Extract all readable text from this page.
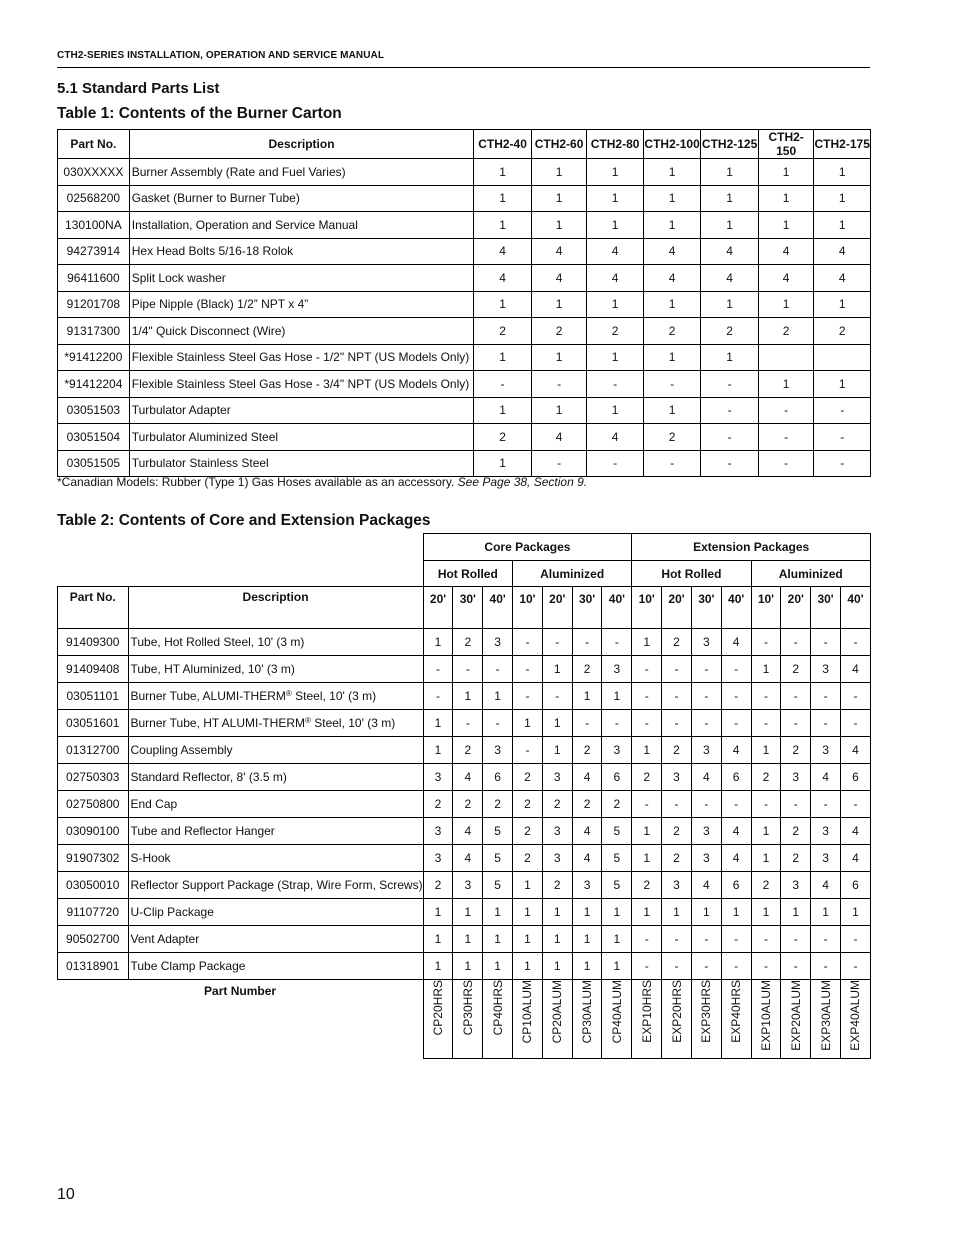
CTH2-SERIES INSTALLATION, OPERATION AND SERVICE MANUAL
5.1 Standard Parts List
Table 1: Contents of the Burner Carton
Part No.	Description	CTH2-40	CTH2-60	CTH2-80	CTH2-100	CTH2-125	CTH2-150	CTH2-175
030XXXXX	Burner Assembly (Rate and Fuel Varies)	1	1	1	1	1	1	1
02568200	Gasket (Burner to Burner Tube)	1	1	1	1	1	1	1
130100NA	Installation, Operation and Service Manual	1	1	1	1	1	1	1
94273914	Hex Head Bolts 5/16-18 Rolok	4	4	4	4	4	4	4
96411600	Split Lock washer	4	4	4	4	4	4	4
91201708	Pipe Nipple (Black) 1/2” NPT x 4”	1	1	1	1	1	1	1
91317300	1/4" Quick Disconnect (Wire)	2	2	2	2	2	2	2
*91412200	Flexible Stainless Steel Gas Hose - 1/2" NPT (US Models Only)	1	1	1	1	1		
*91412204	Flexible Stainless Steel Gas Hose - 3/4" NPT (US Models Only)	-	-	-	-	-	1	1
03051503	Turbulator Adapter	1	1	1	1	-	-	-
03051504	Turbulator Aluminized Steel	2	4	4	2	-	-	-
03051505	Turbulator Stainless Steel	1	-	-	-	-	-	-
*Canadian Models: Rubber (Type 1) Gas Hoses available as an accessory. See Page 38, Section 9.
Table 2: Contents of Core and Extension Packages
		Core Packages							Extension Packages							
		Hot Rolled			Aluminized				Hot Rolled				Aluminized			
Part No.	Description	20'	30'	40'	10'	20'	30'	40'	10'	20'	30'	40'	10'	20'	30'	40'
91409300	Tube, Hot Rolled Steel, 10' (3 m)	1	2	3	-	-	-	-	1	2	3	4	-	-	-	-
91409408	Tube, HT Aluminized, 10' (3 m)	-	-	-	-	1	2	3	-	-	-	-	1	2	3	4
03051101	Burner Tube, ALUMI-THERM® Steel, 10' (3 m)	-	1	1	-	-	1	1	-	-	-	-	-	-	-	-
03051601	Burner Tube, HT ALUMI-THERM® Steel, 10' (3 m)	1	-	-	1	1	-	-	-	-	-	-	-	-	-	-
01312700	Coupling Assembly	1	2	3	-	1	2	3	1	2	3	4	1	2	3	4
02750303	Standard Reflector, 8' (3.5 m)	3	4	6	2	3	4	6	2	3	4	6	2	3	4	6
02750800	End Cap	2	2	2	2	2	2	2	-	-	-	-	-	-	-	-
03090100	Tube and Reflector Hanger	3	4	5	2	3	4	5	1	2	3	4	1	2	3	4
91907302	S-Hook	3	4	5	2	3	4	5	1	2	3	4	1	2	3	4
03050010	Reflector Support Package (Strap, Wire Form, Screws)	2	3	5	1	2	3	5	2	3	4	6	2	3	4	6
91107720	U-Clip Package	1	1	1	1	1	1	1	1	1	1	1	1	1	1	1
90502700	Vent Adapter	1	1	1	1	1	1	1	-	-	-	-	-	-	-	-
01318901	Tube Clamp Package	1	1	1	1	1	1	1	-	-	-	-	-	-	-	-
Part Number		CP20HRS	CP30HRS	CP40HRS	CP10ALUM	CP20ALUM	CP30ALUM	CP40ALUM	EXP10HRS	EXP20HRS	EXP30HRS	EXP40HRS	EXP10ALUM	EXP20ALUM	EXP30ALUM	EXP40ALUM
10
